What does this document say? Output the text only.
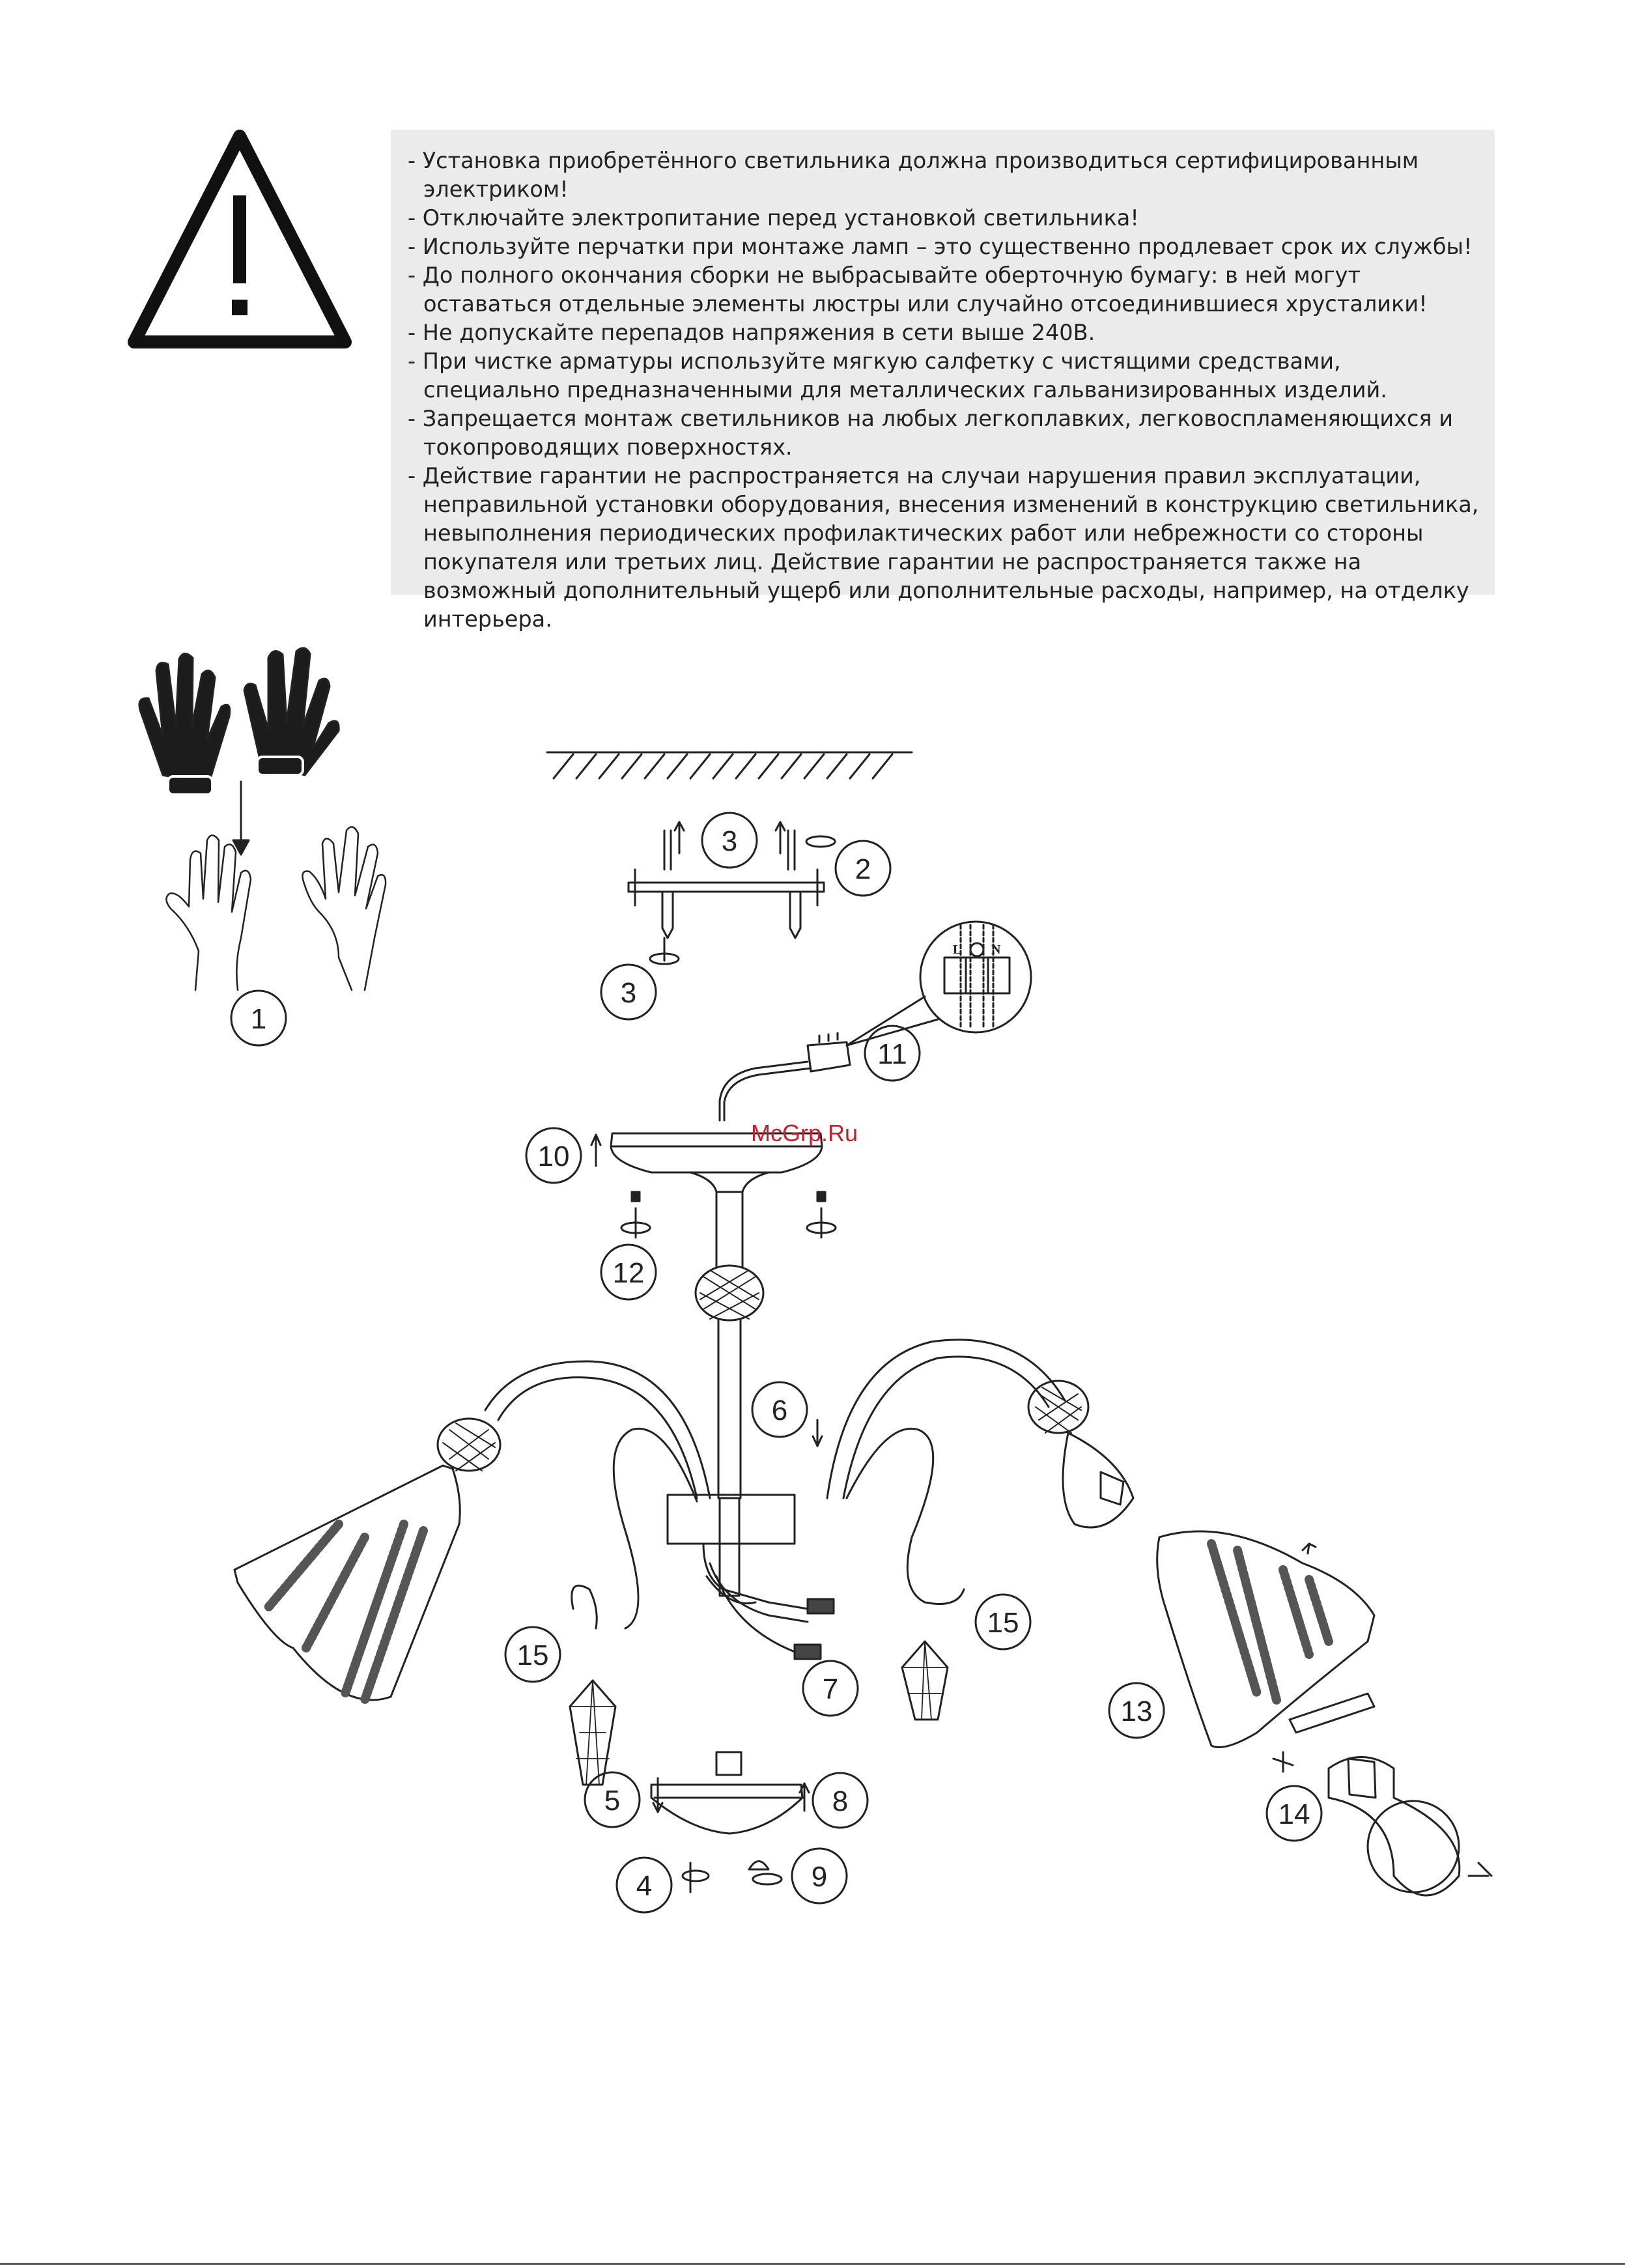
- Установка приобретённого светильника должна производиться сертифицированным электриком!
- Отключайте электропитание перед установкой светильника!
- Используйте перчатки при монтаже ламп – это существенно продлевает срок их службы!
- До полного окончания сборки не выбрасывайте оберточную бумагу: в ней могут оставаться отдельные элементы люстры или случайно отсоединившиеся хрусталики!
- Не допускайте перепадов напряжения в сети выше 240В.
- При чистке арматуры используйте мягкую салфетку с чистящими средствами, специально предназначенными для металлических гальванизированных изделий.
- Запрещается монтаж светильников на любых легкоплавких, легковоспламеняющихся и токопроводящих поверхностях.
- Действие гарантии не распространяется на случаи нарушения правил эксплуатации, неправильной установки оборудования, внесения изменений в конструкцию светильника, невыполнения периодических профилактических работ или небрежности со стороны покупателя или третьих лиц. Действие гарантии не распространяется также на возможный дополнительный ущерб или дополнительные расходы, например, на отделку интерьера.
1
2
3
3
4
5
6
7
8
9
10
11
12
13
14
15
15
L N
McGrp.Ru
